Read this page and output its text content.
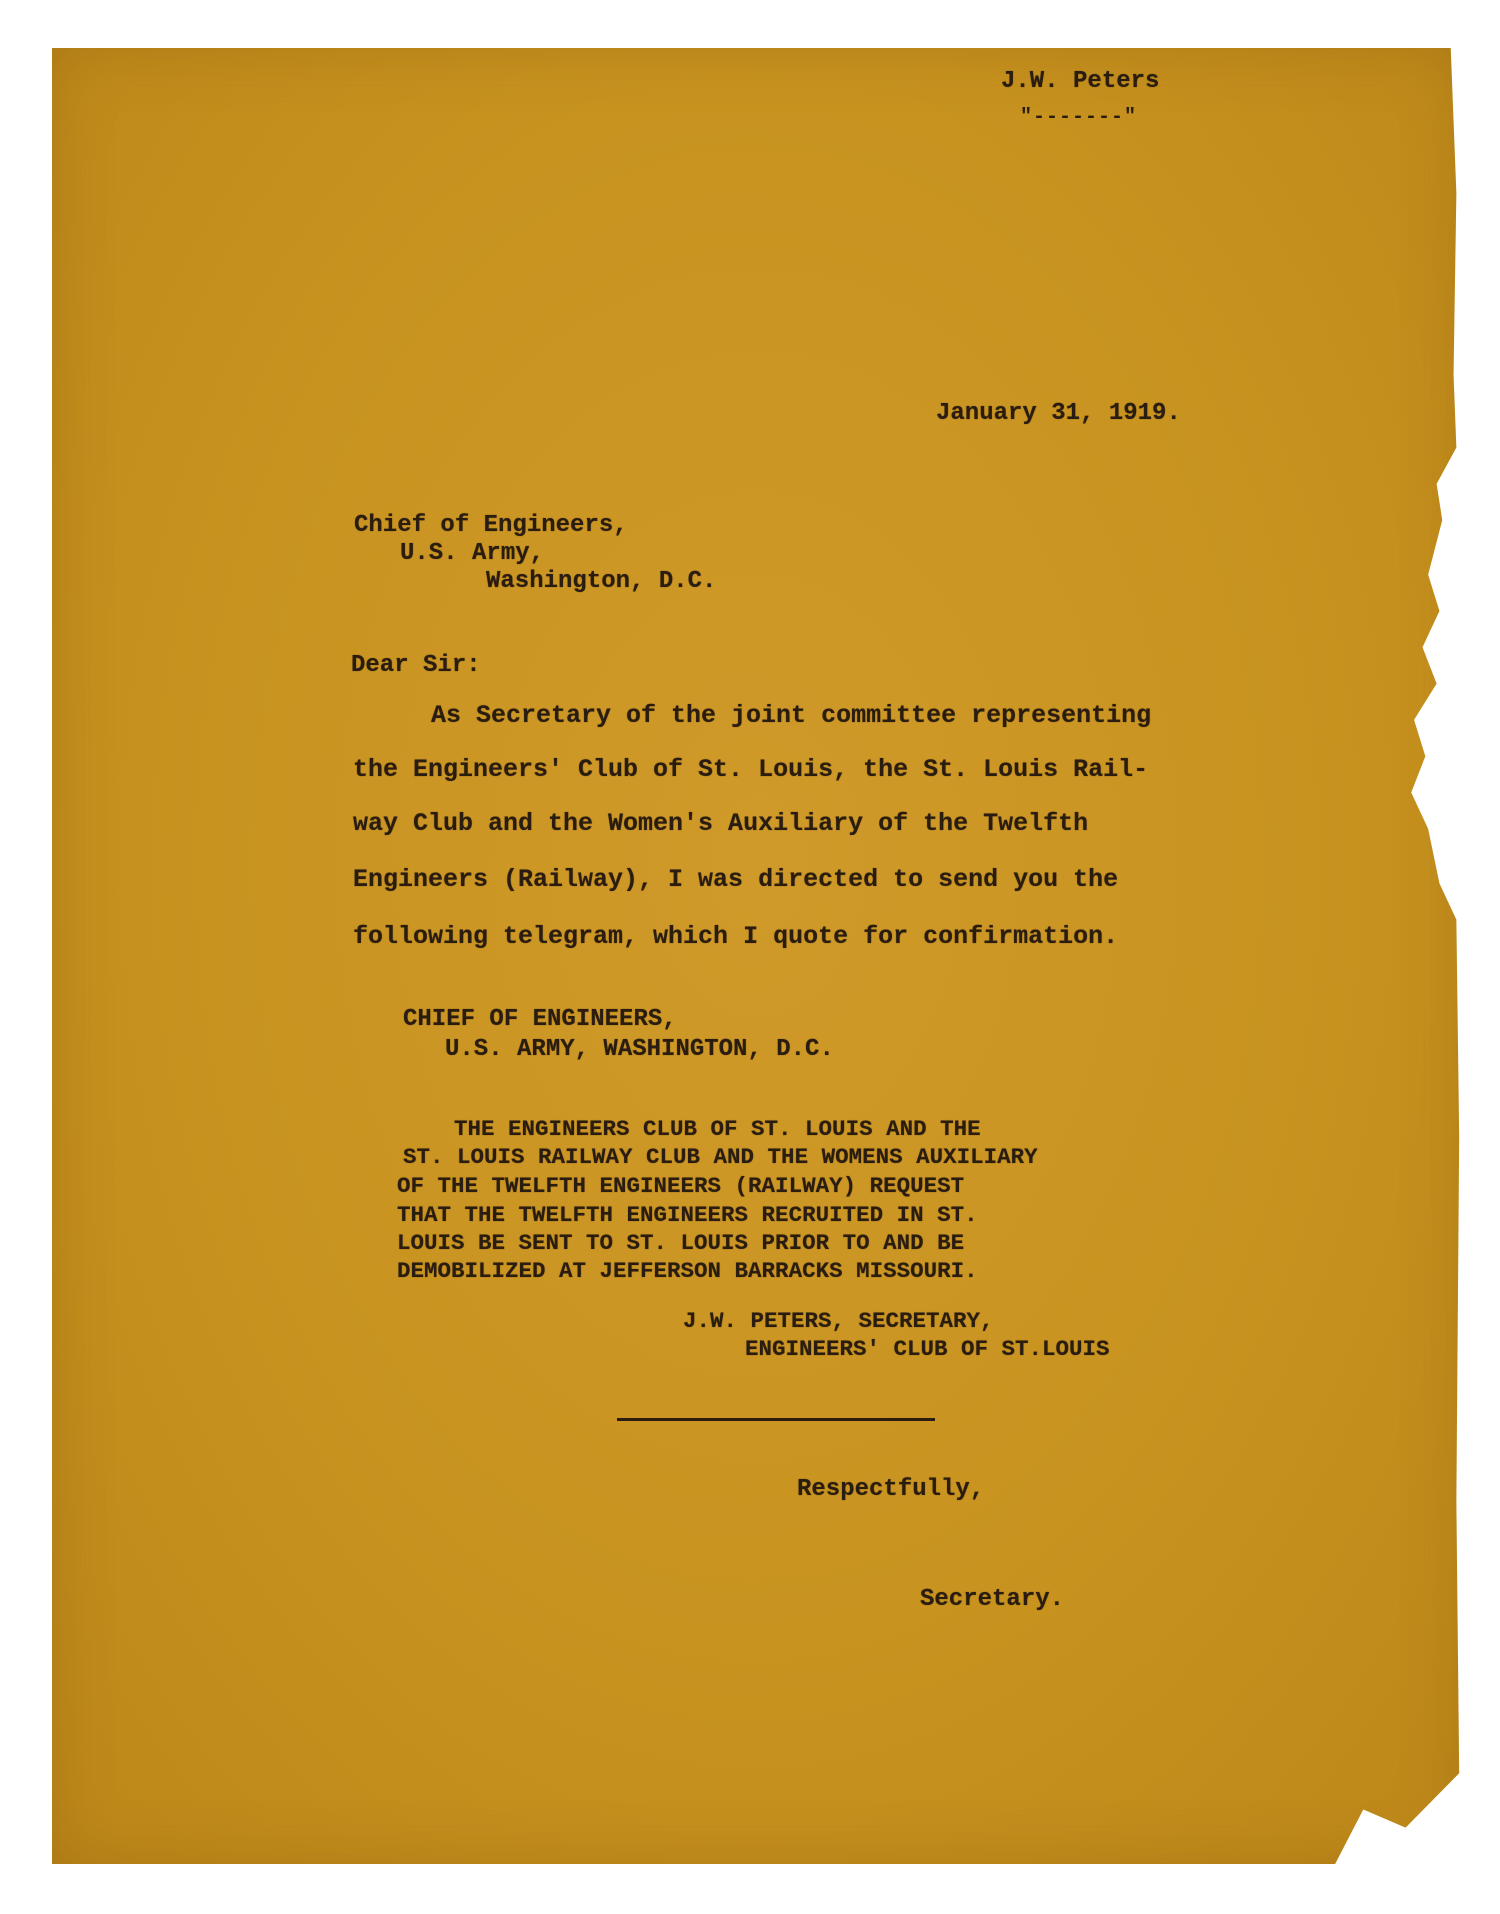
J.W. Peters
"-------"
January 31, 1919.
Chief of Engineers,
U.S. Army,
Washington, D.C.
Dear Sir:
As Secretary of the joint committee representing
the Engineers' Club of St. Louis, the St. Louis Rail-
way Club and the Women's Auxiliary of the Twelfth
Engineers (Railway), I was directed to send you the
following telegram, which I quote for confirmation.
CHIEF OF ENGINEERS,
U.S. ARMY, WASHINGTON, D.C.
THE ENGINEERS CLUB OF ST. LOUIS AND THE
ST. LOUIS RAILWAY CLUB AND THE WOMENS AUXILIARY
OF THE TWELFTH ENGINEERS (RAILWAY) REQUEST
THAT THE TWELFTH ENGINEERS RECRUITED IN ST.
LOUIS BE SENT TO ST. LOUIS PRIOR TO AND BE
DEMOBILIZED AT JEFFERSON BARRACKS MISSOURI.
J.W. PETERS, SECRETARY,
ENGINEERS' CLUB OF ST.LOUIS
Respectfully,
Secretary.
